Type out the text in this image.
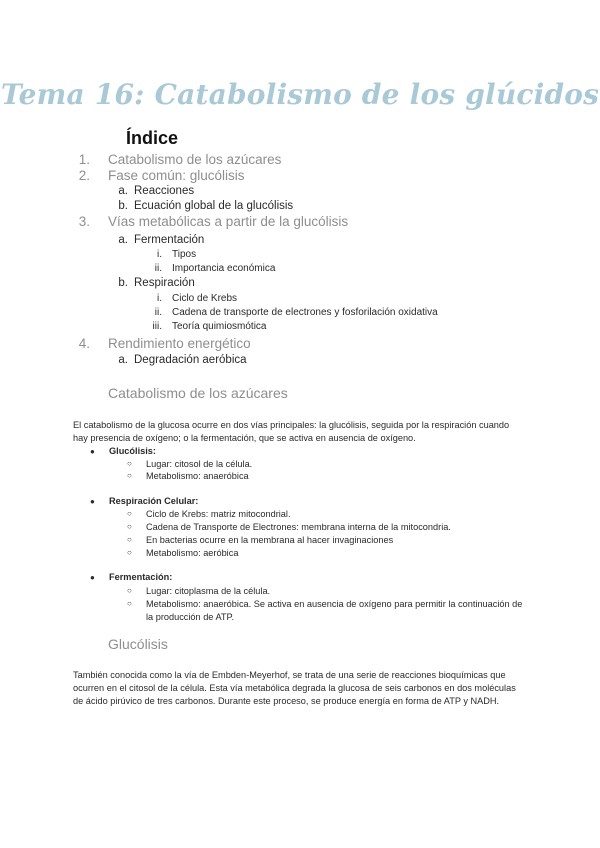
Tema 16: Catabolismo de los glúcidos
Índice
1. Catabolismo de los azúcares
2. Fase común: glucólisis
a. Reacciones
b. Ecuación global de la glucólisis
3. Vías metabólicas a partir de la glucólisis
a. Fermentación
i. Tipos
ii. Importancia económica
b. Respiración
i. Ciclo de Krebs
ii. Cadena de transporte de electrones y fosforilación oxidativa
iii. Teoría quimiosmótica
4. Rendimiento energético
a. Degradación aeróbica
Catabolismo de los azúcares
El catabolismo de la glucosa ocurre en dos vías principales: la glucólisis, seguida por la respiración cuando hay presencia de oxígeno; o la fermentación, que se activa en ausencia de oxígeno.
● Glucólisis:
○ Lugar: citosol de la célula.
○ Metabolismo: anaeróbica
● Respiración Celular:
○ Ciclo de Krebs: matriz mitocondrial.
○ Cadena de Transporte de Electrones: membrana interna de la mitocondria.
○ En bacterias ocurre en la membrana al hacer invaginaciones
○ Metabolismo: aeróbica
● Fermentación:
○ Lugar: citoplasma de la célula.
○ Metabolismo: anaeróbica. Se activa en ausencia de oxígeno para permitir la continuación de la producción de ATP.
Glucólisis
También conocida como la vía de Embden-Meyerhof, se trata de una serie de reacciones bioquímicas que ocurren en el citosol de la célula. Esta vía metabólica degrada la glucosa de seis carbonos en dos moléculas de ácido pirúvico de tres carbonos. Durante este proceso, se produce energía en forma de ATP y NADH.
